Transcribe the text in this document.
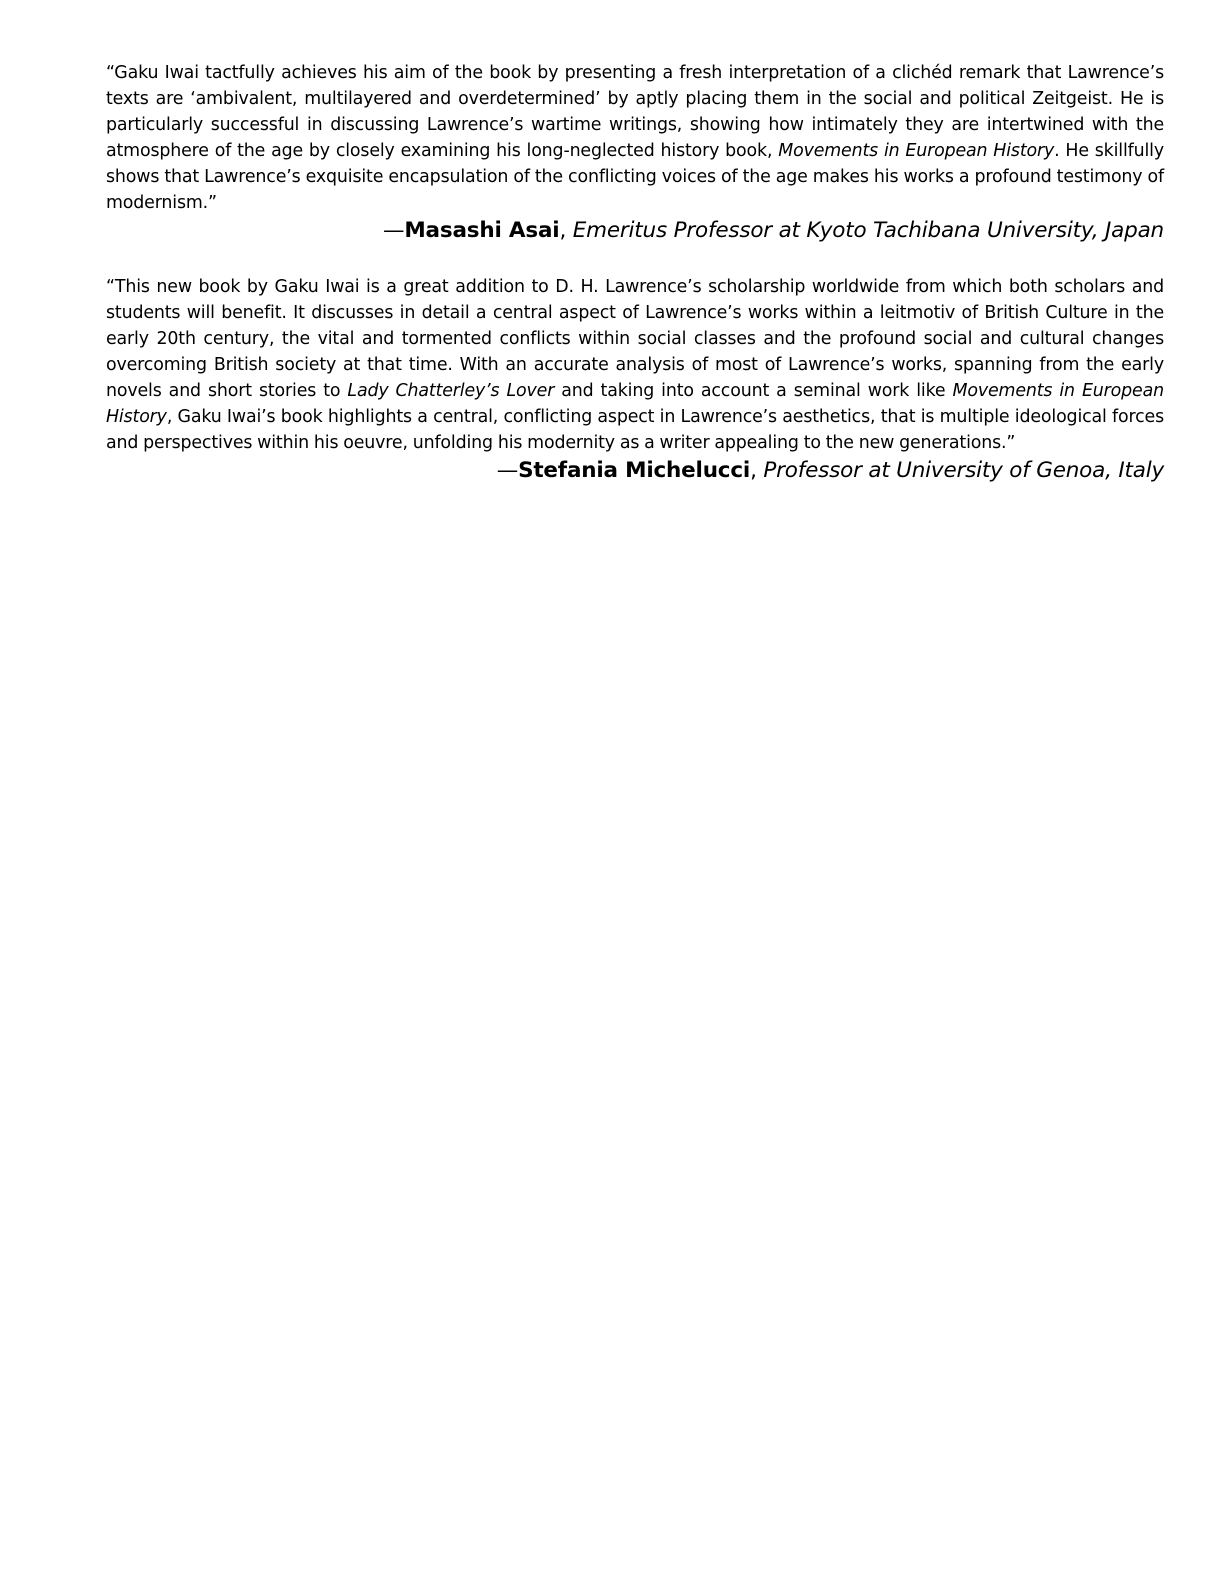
“Gaku Iwai tactfully achieves his aim of the book by presenting a fresh interpretation of a clichéd remark that Lawrence’s texts are ‘ambivalent, multilayered and overdetermined’ by aptly placing them in the social and political Zeitgeist. He is particularly successful in discussing Lawrence’s wartime writings, showing how intimately they are intertwined with the atmosphere of the age by closely examining his long-neglected history book, Movements in European History. He skillfully shows that Lawrence’s exquisite encapsulation of the conflicting voices of the age makes his works a profound testimony of modernism.”

—Masashi Asai, Emeritus Professor at Kyoto Tachibana University, Japan

“This new book by Gaku Iwai is a great addition to D. H. Lawrence’s scholarship worldwide from which both scholars and students will benefit. It discusses in detail a central aspect of Lawrence’s works within a leitmotiv of British Culture in the early 20th century, the vital and tormented conflicts within social classes and the profound social and cultural changes overcoming British society at that time. With an accurate analysis of most of Lawrence’s works, spanning from the early novels and short stories to Lady Chatterley’s Lover and taking into account a seminal work like Movements in European History, Gaku Iwai’s book highlights a central, conflicting aspect in Lawrence’s aesthetics, that is multiple ideological forces and perspectives within his oeuvre, unfolding his modernity as a writer appealing to the new generations.”

—Stefania Michelucci, Professor at University of Genoa, Italy
